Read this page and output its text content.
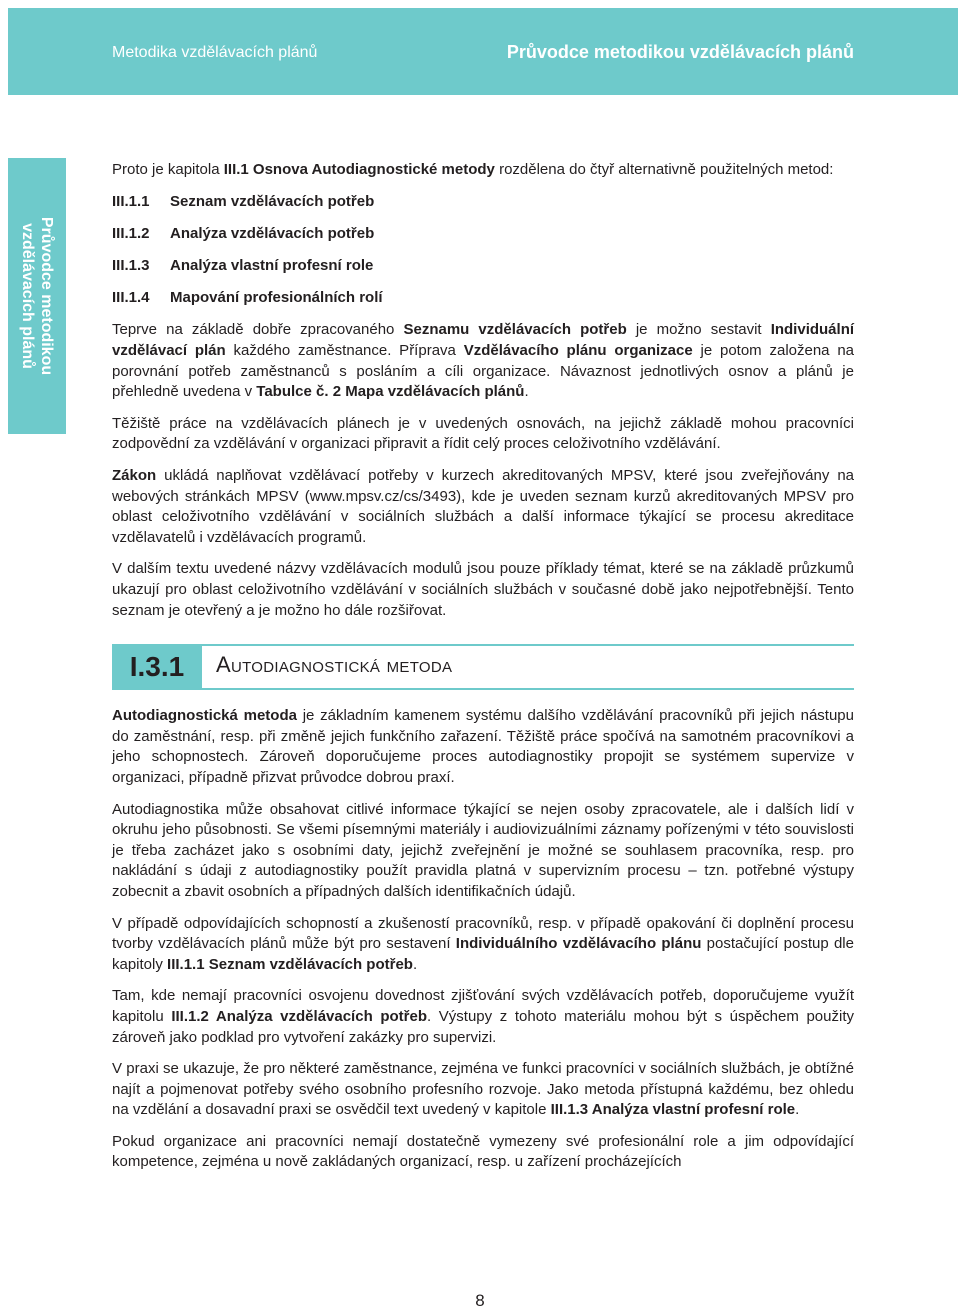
Metodika vzdělávacích plánů	Průvodce metodikou vzdělávacích plánů
Průvodce metodikou
vzdělávacích plánů

Proto je kapitola III.1 Osnova Autodiagnostické metody rozdělena do čtyř alternativně použitelných metod:

III.1.1 Seznam vzdělávacích potřeb
III.1.2 Analýza vzdělávacích potřeb
III.1.3 Analýza vlastní profesní role
III.1.4 Mapování profesionálních rolí

Teprve na základě dobře zpracovaného Seznamu vzdělávacích potřeb je možno sestavit Individuální vzdělávací plán každého zaměstnance. Příprava Vzdělávacího plánu organizace je potom založena na porovnání potřeb zaměstnanců s posláním a cíli organizace. Návaznost jednotlivých osnov a plánů je přehledně uvedena v Tabulce č. 2 Mapa vzdělávacích plánů.

Těžiště práce na vzdělávacích plánech je v uvedených osnovách, na jejichž základě mohou pracovníci zodpovědní za vzdělávání v organizaci připravit a řídit celý proces celoživotního vzdělávání.

Zákon ukládá naplňovat vzdělávací potřeby v kurzech akreditovaných MPSV, které jsou zveřejňovány na webových stránkách MPSV (www.mpsv.cz/cs/3493), kde je uveden seznam kurzů akreditovaných MPSV pro oblast celoživotního vzdělávání v sociálních službách a další informace týkající se procesu akreditace vzdělavatelů i vzdělávacích programů.

V dalším textu uvedené názvy vzdělávacích modulů jsou pouze příklady témat, které se na základě průzkumů ukazují pro oblast celoživotního vzdělávání v sociálních službách v současné době jako nejpotřebnější. Tento seznam je otevřený a je možno ho dále rozšiřovat.

I.3.1	Autodiagnostická metoda

Autodiagnostická metoda je základním kamenem systému dalšího vzdělávání pracovníků při jejich nástupu do zaměstnání, resp. při změně jejich funkčního zařazení. Těžiště práce spočívá na samotném pracovníkovi a jeho schopnostech. Zároveň doporučujeme proces autodiagnostiky propojit se systémem supervize v organizaci, případně přizvat průvodce dobrou praxí.

Autodiagnostika může obsahovat citlivé informace týkající se nejen osoby zpracovatele, ale i dalších lidí v okruhu jeho působnosti. Se všemi písemnými materiály i audiovizuálními záznamy pořízenými v této souvislosti je třeba zacházet jako s osobními daty, jejichž zveřejnění je možné se souhlasem pracovníka, resp. pro nakládání s údaji z autodiagnostiky použít pravidla platná v supervizním procesu – tzn. potřebné výstupy zobecnit a zbavit osobních a případných dalších identifikačních údajů.

V případě odpovídajících schopností a zkušeností pracovníků, resp. v případě opakování či doplnění procesu tvorby vzdělávacích plánů může být pro sestavení Individuálního vzdělávacího plánu postačující postup dle kapitoly III.1.1 Seznam vzdělávacích potřeb.

Tam, kde nemají pracovníci osvojenu dovednost zjišťování svých vzdělávacích potřeb, doporučujeme využít kapitolu III.1.2 Analýza vzdělávacích potřeb. Výstupy z tohoto materiálu mohou být s úspěchem použity zároveň jako podklad pro vytvoření zakázky pro supervizi.

V praxi se ukazuje, že pro některé zaměstnance, zejména ve funkci pracovníci v sociálních službách, je obtížné najít a pojmenovat potřeby svého osobního profesního rozvoje. Jako metoda přístupná každému, bez ohledu na vzdělání a dosavadní praxi se osvědčil text uvedený v kapitole III.1.3 Analýza vlastní profesní role.

Pokud organizace ani pracovníci nemají dostatečně vymezeny své profesionální role a jim odpovídající kompetence, zejména u nově zakládaných organizací, resp. u zařízení procházejících

8
